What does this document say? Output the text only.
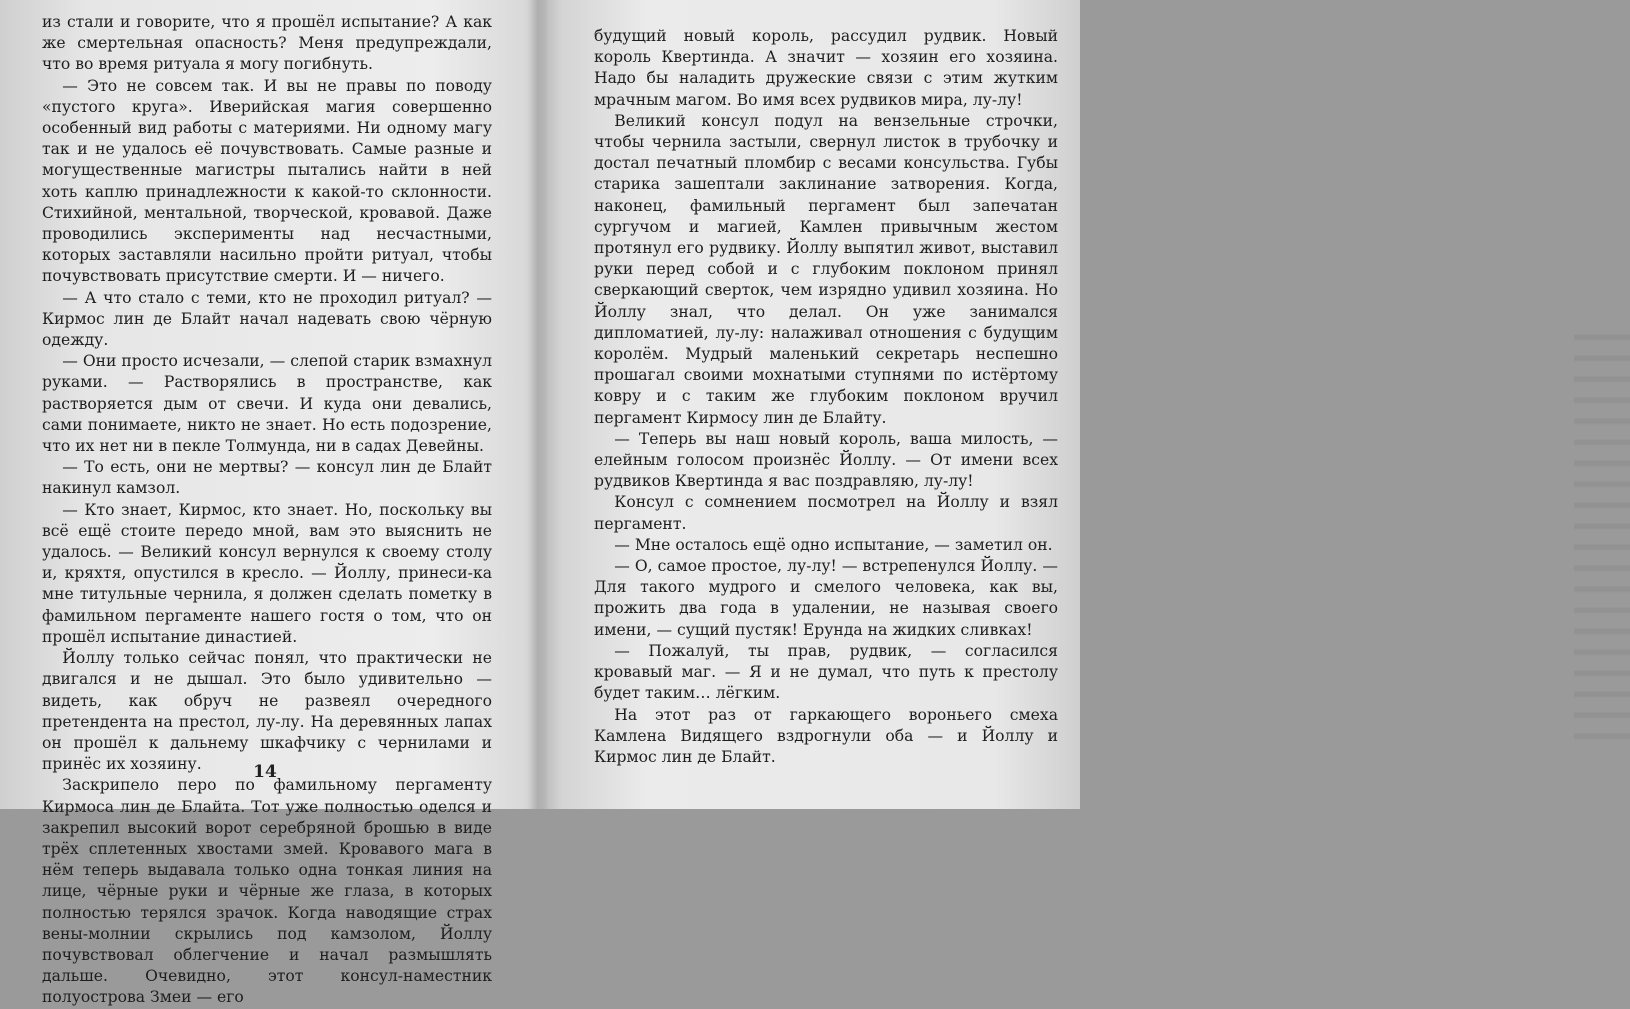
из стали и говорите, что я прошёл испытание? А как же смертельная опасность? Меня предупреждали, что во время ритуала я могу погибнуть.

— Это не совсем так. И вы не правы по поводу «пустого круга». Иверийская магия совершенно особенный вид работы с материями. Ни одному магу так и не удалось её почувствовать. Самые разные и могущественные магистры пытались найти в ней хоть каплю принадлежности к какой-то склонности. Стихийной, ментальной, творческой, кровавой. Даже проводились эксперименты над несчастными, которых заставляли насильно пройти ритуал, чтобы почувствовать присутствие смерти. И — ничего.

— А что стало с теми, кто не проходил ритуал? — Кирмос лин де Блайт начал надевать свою чёрную одежду.

— Они просто исчезали, — слепой старик взмахнул руками. — Растворялись в пространстве, как растворяется дым от свечи. И куда они девались, сами понимаете, никто не знает. Но есть подозрение, что их нет ни в пекле Толмунда, ни в садах Девейны.

— То есть, они не мертвы? — консул лин де Блайт накинул камзол.

— Кто знает, Кирмос, кто знает. Но, поскольку вы всё ещё стоите передо мной, вам это выяснить не удалось. — Великий консул вернулся к своему столу и, кряхтя, опустился в кресло. — Йоллу, принеси-ка мне титульные чернила, я должен сделать пометку в фамильном пергаменте нашего гостя о том, что он прошёл испытание династией.

Йоллу только сейчас понял, что практически не двигался и не дышал. Это было удивительно — видеть, как обруч не развеял очередного претендента на престол, лу-лу. На деревянных лапах он прошёл к дальнему шкафчику с чернилами и принёс их хозяину.

Заскрипело перо по фамильному пергаменту Кирмоса лин де Блайта. Тот уже полностью оделся и закрепил высокий ворот серебряной брошью в виде трёх сплетенных хвостами змей. Кровавого мага в нём теперь выдавала только одна тонкая линия на лице, чёрные руки и чёрные же глаза, в которых полностью терялся зрачок. Когда наводящие страх вены-молнии скрылись под камзолом, Йоллу почувствовал облегчение и начал размышлять дальше. Очевидно, этот консул-наместник полуострова Змеи — его

14

будущий новый король, рассудил рудвик. Новый король Квертинда. А значит — хозяин его хозяина. Надо бы наладить дружеские связи с этим жутким мрачным магом. Во имя всех рудвиков мира, лу-лу!

Великий консул подул на вензельные строчки, чтобы чернила застыли, свернул листок в трубочку и достал печатный пломбир с весами консульства. Губы старика зашептали заклинание затворения. Когда, наконец, фамильный пергамент был запечатан сургучом и магией, Камлен привычным жестом протянул его рудвику. Йоллу выпятил живот, выставил руки перед собой и с глубоким поклоном принял сверкающий сверток, чем изрядно удивил хозяина. Но Йоллу знал, что делал. Он уже занимался дипломатией, лу-лу: налаживал отношения с будущим королём. Мудрый маленький секретарь неспешно прошагал своими мохнатыми ступнями по истёртому ковру и с таким же глубоким поклоном вручил пергамент Кирмосу лин де Блайту.

— Теперь вы наш новый король, ваша милость, — елейным голосом произнёс Йоллу. — От имени всех рудвиков Квертинда я вас поздравляю, лу-лу!

Консул с сомнением посмотрел на Йоллу и взял пергамент.

— Мне осталось ещё одно испытание, — заметил он.

— О, самое простое, лу-лу! — встрепенулся Йоллу. — Для такого мудрого и смелого человека, как вы, прожить два года в удалении, не называя своего имени, — сущий пустяк! Ерунда на жидких сливках!

— Пожалуй, ты прав, рудвик, — согласился кровавый маг. — Я и не думал, что путь к престолу будет таким… лёгким.

На этот раз от гаркающего вороньего смеха Камлена Видящего вздрогнули оба — и Йоллу и Кирмос лин де Блайт.
